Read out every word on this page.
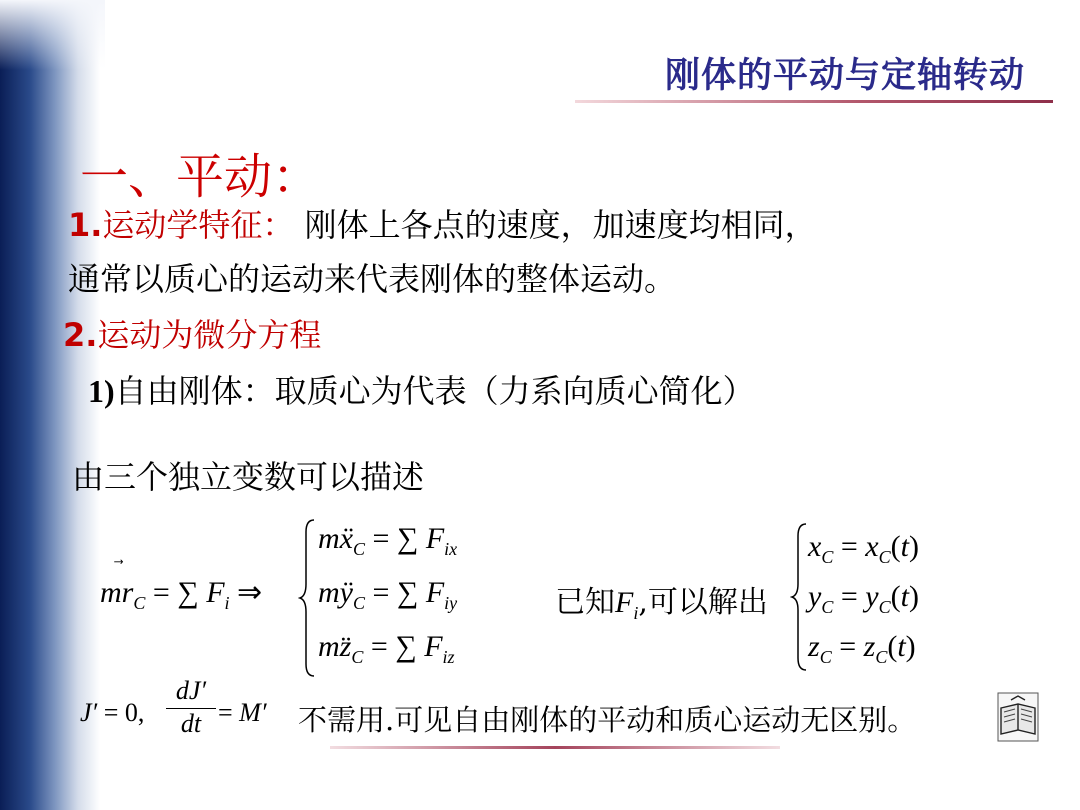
刚体的平动与定轴转动
一、平动：
1.运动学特征： 刚体上各点的速度，加速度均相同，
通常以质心的运动来代表刚体的整体运动。
2.运动为微分方程
1)自由刚体：取质心为代表（力系向质心简化）
由三个独立变数可以描述
mr
$_C$ = ∑ $F_i$ ⇒
mẍ$_C$ = ∑ $F_{ix}$
$mÿ_C$ = ∑ $F_{iy}$
$mz̈_C$ = ∑ $F_{iz}$
已知$F_i$,可以解出
$x_C = x_C(t)$
$y_C = y_C(t)$
$z_C = z_C(t)$
J′ = 0,
dJ′
dt = M′ 不需用.可见自由刚体的平动和质心运动无区别。
